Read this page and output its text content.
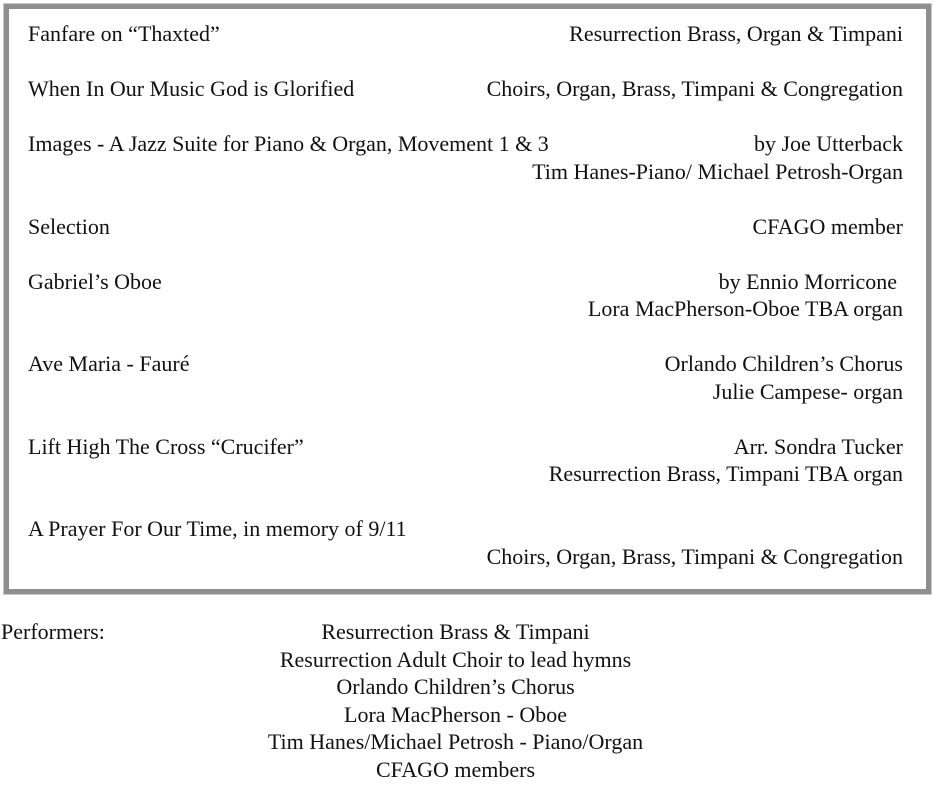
Fanfare on “Thaxted”	Resurrection Brass, Organ & Timpani
When In Our Music God is Glorified	Choirs, Organ, Brass, Timpani & Congregation
Images - A Jazz Suite for Piano & Organ, Movement 1 & 3	by Joe Utterback
Tim Hanes-Piano/ Michael Petrosh-Organ
Selection	CFAGO member
Gabriel’s Oboe	by Ennio Morricone
Lora MacPherson-Oboe TBA organ
Ave Maria - Fauré	Orlando Children’s Chorus
Julie Campese- organ
Lift High The Cross “Crucifer”	Arr. Sondra Tucker
Resurrection Brass, Timpani TBA organ
A Prayer For Our Time, in memory of 9/11
Choirs, Organ, Brass, Timpani & Congregation
Performers:	Resurrection Brass & Timpani
Resurrection Adult Choir to lead hymns
Orlando Children’s Chorus
Lora MacPherson - Oboe
Tim Hanes/Michael Petrosh - Piano/Organ
CFAGO members
